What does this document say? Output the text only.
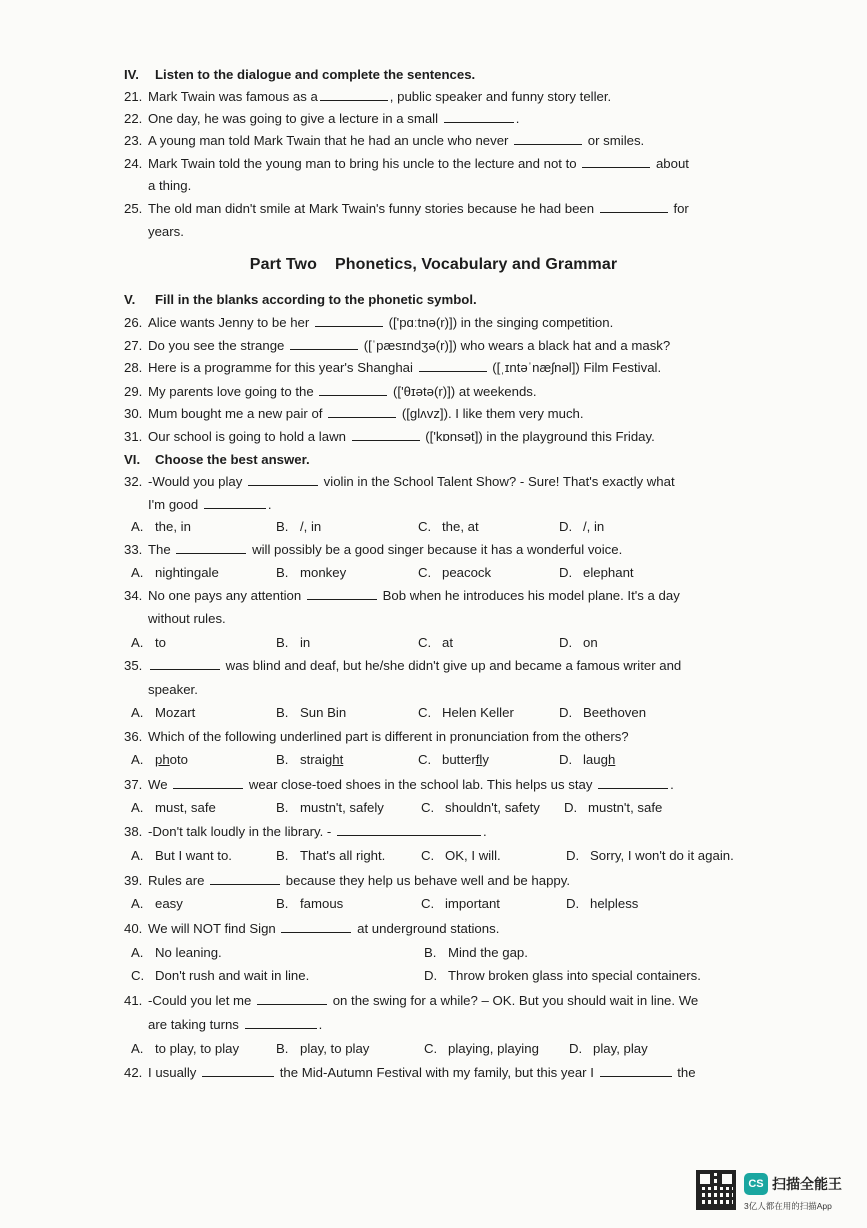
IV. Listen to the dialogue and complete the sentences.
21. Mark Twain was famous as a	, public speaker and funny story teller.
22. One day, he was going to give a lecture in a small	.
23. A young man told Mark Twain that he had an uncle who never	or smiles.
24. Mark Twain told the young man to bring his uncle to the lecture and not to	about
a thing.
25. The old man didn't smile at Mark Twain's funny stories because he had been	for
years.
Part Two Phonetics, Vocabulary and Grammar
V. Fill in the blanks according to the phonetic symbol.
26. Alice wants Jenny to be her	(['pɑːtnə(r)]) in the singing competition.
27. Do you see the strange	([ˈpæsɪndʒə(r)]) who wears a black hat and a mask?
28. Here is a programme for this year's Shanghai	([ˌɪntəˈnæʃnəl]) Film Festival.
29. My parents love going to the	(['θɪətə(r)]) at weekends.
30. Mum bought me a new pair of	([glʌvz]). I like them very much.
31. Our school is going to hold a lawn	(['kɒnsət]) in the playground this Friday.
VI. Choose the best answer.
32. -Would you play	violin in the School Talent Show? - Sure! That's exactly what
I'm good	.
A. the, in	B. /, in	C. the, at	D. /, in
33. The	will possibly be a good singer because it has a wonderful voice.
A. nightingale	B. monkey	C. peacock	D. elephant
34. No one pays any attention	Bob when he introduces his model plane. It's a day
without rules.
A. to	B. in	C. at	D. on
35.	was blind and deaf, but he/she didn't give up and became a famous writer and
speaker.
A. Mozart	B. Sun Bin	C. Helen Keller	D. Beethoven
36. Which of the following underlined part is different in pronunciation from the others?
A. photo	B. straight	C. butterfly	D. laugh
37. We	wear close-toed shoes in the school lab. This helps us stay	.
A. must, safe	B. mustn't, safely	C. shouldn't, safety D. mustn't, safe
38. -Don't talk loudly in the library. -	.
A. But I want to.	B. That's all right.	C. OK, I will.	D. Sorry, I won't do it again.
39. Rules are	because they help us behave well and be happy.
A. easy	B. famous	C. important	D. helpless
40. We will NOT find Sign	at underground stations.
A. No leaning.	B. Mind the gap.
C. Don't rush and wait in line.	D. Throw broken glass into special containers.
41. -Could you let me	on the swing for a while? – OK. But you should wait in line. We
are taking turns	.
A. to play, to play	B. play, to play	C. playing, playing D. play, play
42. I usually	the Mid-Autumn Festival with my family, but this year I	the
CS 扫描全能王
3亿人都在用的扫描App
